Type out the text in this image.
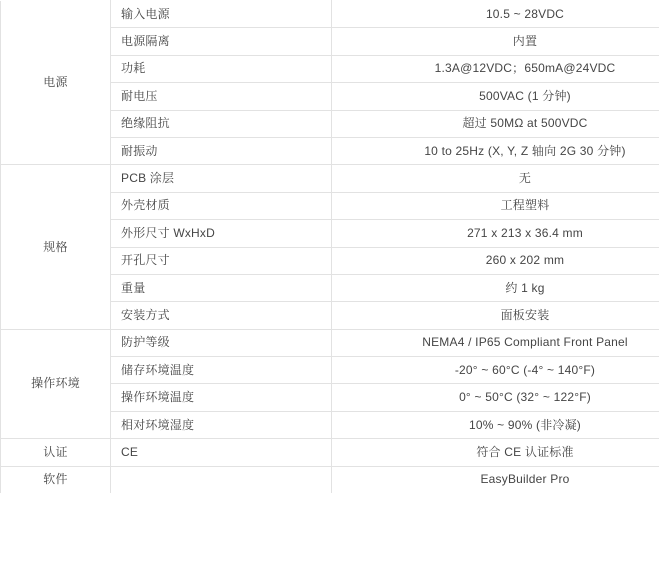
电源	输入电源	10.5 ~ 28VDC

	电源隔离	内置

	功耗	1.3A@12VDC；650mA@24VDC

	耐电压	500VAC (1 分钟)

	绝缘阻抗	超过 50MΩ at 500VDC

	耐振动	10 to 25Hz (X, Y, Z 轴向 2G 30 分钟)

规格	PCB 涂层	无

	外壳材质	工程塑料

	外形尺寸 WxHxD	271 x 213 x 36.4 mm

	开孔尺寸	260 x 202 mm

	重量	约 1 kg

	安装方式	面板安装

操作环境	防护等级	NEMA4 / IP65 Compliant Front Panel

	储存环境温度	-20° ~ 60°C (-4° ~ 140°F)

	操作环境温度	0° ~ 50°C (32° ~ 122°F)

	相对环境湿度	10% ~ 90% (非冷凝)

认证	CE	符合 CE 认证标准

软件		EasyBuilder Pro
